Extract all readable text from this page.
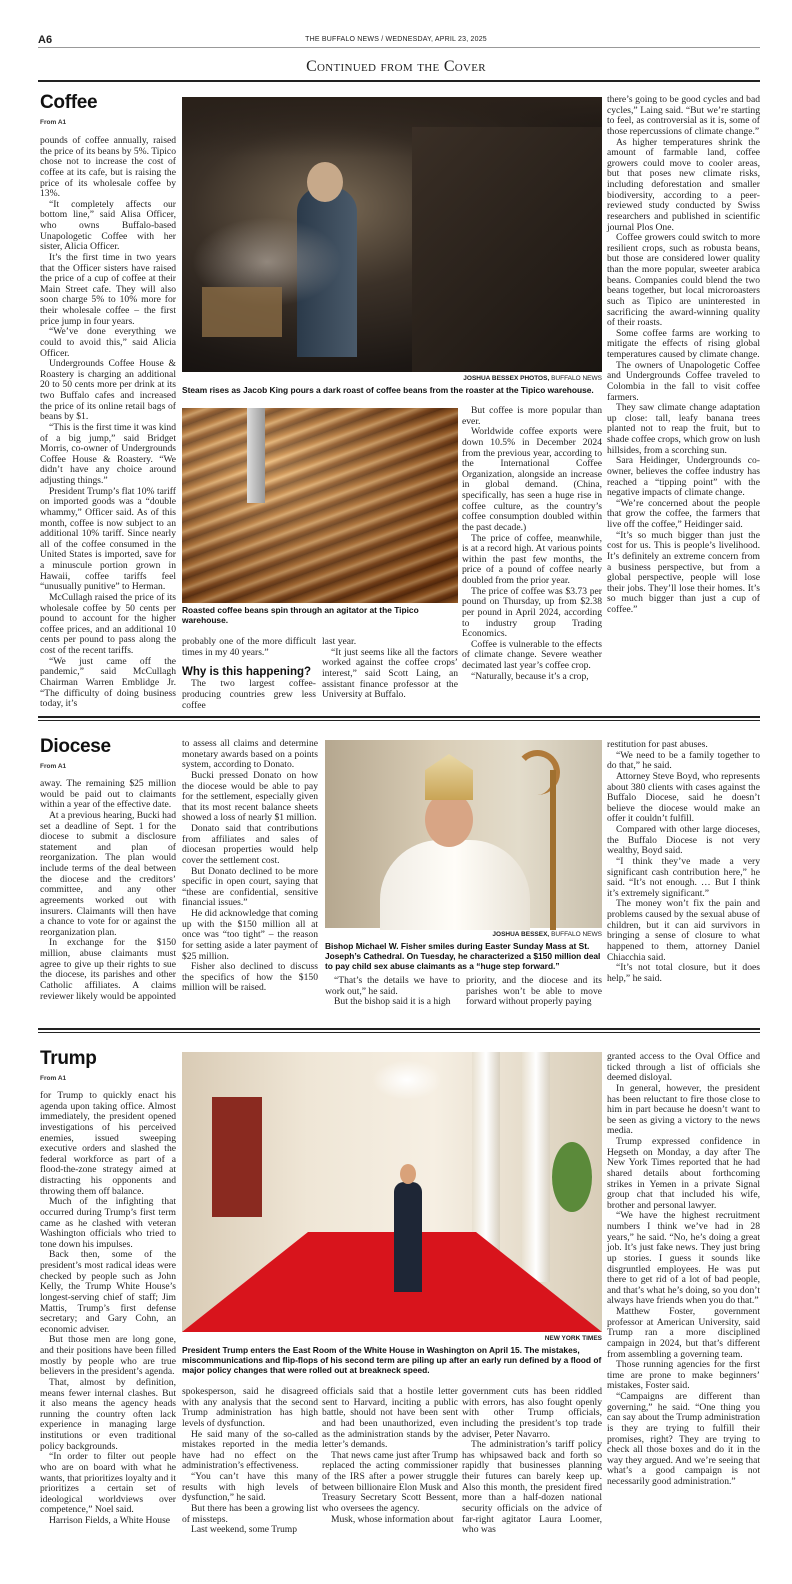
A6	THE BUFFALO NEWS / WEDNESDAY, APRIL 23, 2025
Continued from the Cover
Coffee
From A1

pounds of coffee annually, raised the price of its beans by 5%. Tipico chose not to increase the cost of coffee at its cafe, but is raising the price of its wholesale coffee by 13%.

“It completely affects our bottom line,” said Alisa Officer, who owns Buffalo-based Unapologetic Coffee with her sister, Alicia Officer.

It’s the first time in two years that the Officer sisters have raised the price of a cup of coffee at their Main Street cafe. They will also soon charge 5% to 10% more for their wholesale coffee – the first price jump in four years.

“We’ve done everything we could to avoid this,” said Alicia Officer.

Undergrounds Coffee House & Roastery is charging an additional 20 to 50 cents more per drink at its two Buffalo cafes and increased the price of its online retail bags of beans by $1.

“This is the first time it was kind of a big jump,” said Bridget Morris, co-owner of Undergrounds Coffee House & Roastery. “We didn’t have any choice around adjusting things.”

President Trump’s flat 10% tariff on imported goods was a “double whammy,” Officer said. As of this month, coffee is now subject to an additional 10% tariff. Since nearly all of the coffee consumed in the United States is imported, save for a minuscule portion grown in Hawaii, coffee tariffs feel “unusually punitive” to Herman.

McCullagh raised the price of its wholesale coffee by 50 cents per pound to account for the higher coffee prices, and an additional 10 cents per pound to pass along the cost of the recent tariffs.

“We just came off the pandemic,” said McCullagh Chairman Warren Emblidge Jr. “The difficulty of doing business today, it’s

JOSHUA BESSEX PHOTOS, BUFFALO NEWS
Steam rises as Jacob King pours a dark roast of coffee beans from the roaster at the Tipico warehouse.
Roasted coffee beans spin through an agitator at the Tipico warehouse.

probably one of the more difficult times in my 40 years.”

Why is this happening?

The two largest coffee-producing countries grew less coffee

last year.

“It just seems like all the factors worked against the coffee crops’ interest,” said Scott Laing, an assistant finance professor at the University at Buffalo.

But coffee is more popular than ever.

Worldwide coffee exports were down 10.5% in December 2024 from the previous year, according to the International Coffee Organization, alongside an increase in global demand. (China, specifically, has seen a huge rise in coffee culture, as the country’s coffee consumption doubled within the past decade.)

The price of coffee, meanwhile, is at a record high. At various points within the past few months, the price of a pound of coffee nearly doubled from the prior year.

The price of coffee was $3.73 per pound on Thursday, up from $2.38 per pound in April 2024, according to industry group Trading Economics.

Coffee is vulnerable to the effects of climate change. Severe weather decimated last year’s coffee crop.

“Naturally, because it’s a crop,

there’s going to be good cycles and bad cycles,” Laing said. “But we’re starting to feel, as controversial as it is, some of those repercussions of climate change.”

As higher temperatures shrink the amount of farmable land, coffee growers could move to cooler areas, but that poses new climate risks, including deforestation and smaller biodiversity, according to a peer-reviewed study conducted by Swiss researchers and published in scientific journal Plos One.

Coffee growers could switch to more resilient crops, such as robusta beans, but those are considered lower quality than the more popular, sweeter arabica beans. Companies could blend the two beans together, but local microroasters such as Tipico are uninterested in sacrificing the award-winning quality of their roasts.

Some coffee farms are working to mitigate the effects of rising global temperatures caused by climate change.

The owners of Unapologetic Coffee and Undergrounds Coffee traveled to Colombia in the fall to visit coffee farmers.

They saw climate change adaptation up close: tall, leafy banana trees planted not to reap the fruit, but to shade coffee crops, which grow on lush hillsides, from a scorching sun.

Sara Heidinger, Undergrounds co-owner, believes the coffee industry has reached a “tipping point” with the negative impacts of climate change.

“We’re concerned about the people that grow the coffee, the farmers that live off the coffee,” Heidinger said.

“It’s so much bigger than just the cost for us. This is people’s livelihood. It’s definitely an extreme concern from a business perspective, but from a global perspective, people will lose their jobs. They’ll lose their homes. It’s so much bigger than just a cup of coffee.”

Diocese
From A1

away. The remaining $25 million would be paid out to claimants within a year of the effective date.

At a previous hearing, Bucki had set a deadline of Sept. 1 for the diocese to submit a disclosure statement and plan of reorganization. The plan would include terms of the deal between the diocese and the creditors’ committee, and any other agreements worked out with insurers. Claimants will then have a chance to vote for or against the reorganization plan.

In exchange for the $150 million, abuse claimants must agree to give up their rights to sue the diocese, its parishes and other Catholic affiliates. A claims reviewer likely would be appointed

to assess all claims and determine monetary awards based on a points system, according to Donato.

Bucki pressed Donato on how the diocese would be able to pay for the settlement, especially given that its most recent balance sheets showed a loss of nearly $1 million.

Donato said that contributions from affiliates and sales of diocesan properties would help cover the settlement cost.

But Donato declined to be more specific in open court, saying that “these are confidential, sensitive financial issues.”

He did acknowledge that coming up with the $150 million all at once was “too tight” – the reason for setting aside a later payment of $25 million.

Fisher also declined to discuss the specifics of how the $150 million will be raised.

JOSHUA BESSEX, BUFFALO NEWS
Bishop Michael W. Fisher smiles during Easter Sunday Mass at St. Joseph’s Cathedral. On Tuesday, he characterized a $150 million deal to pay child sex abuse claimants as a “huge step forward.”

“That’s the details we have to work out,” he said.

But the bishop said it is a high

priority, and the diocese and its parishes won’t be able to move forward without properly paying

restitution for past abuses.

“We need to be a family together to do that,” he said.

Attorney Steve Boyd, who represents about 380 clients with cases against the Buffalo Diocese, said he doesn’t believe the diocese would make an offer it couldn’t fulfill.

Compared with other large dioceses, the Buffalo Diocese is not very wealthy, Boyd said.

“I think they’ve made a very significant cash contribution here,” he said. “It’s not enough. … But I think it’s extremely significant.”

The money won’t fix the pain and problems caused by the sexual abuse of children, but it can aid survivors in bringing a sense of closure to what happened to them, attorney Daniel Chiacchia said.

“It’s not total closure, but it does help,” he said.

Trump
From A1

for Trump to quickly enact his agenda upon taking office. Almost immediately, the president opened investigations of his perceived enemies, issued sweeping executive orders and slashed the federal workforce as part of a flood-the-zone strategy aimed at distracting his opponents and throwing them off balance.

Much of the infighting that occurred during Trump’s first term came as he clashed with veteran Washington officials who tried to tone down his impulses.

Back then, some of the president’s most radical ideas were checked by people such as John Kelly, the Trump White House’s longest-serving chief of staff; Jim Mattis, Trump’s first defense secretary; and Gary Cohn, an economic adviser.

But those men are long gone, and their positions have been filled mostly by people who are true believers in the president’s agenda.

That, almost by definition, means fewer internal clashes. But it also means the agency heads running the country often lack experience in managing large institutions or even traditional policy backgrounds.

“In order to filter out people who are on board with what he wants, that prioritizes loyalty and it prioritizes a certain set of ideological worldviews over competence,” Noel said.

Harrison Fields, a White House

NEW YORK TIMES
President Trump enters the East Room of the White House in Washington on April 15. The mistakes, miscommunications and flip-flops of his second term are piling up after an early run defined by a flood of major policy changes that were rolled out at breakneck speed.

spokesperson, said he disagreed with any analysis that the second Trump administration has high levels of dysfunction.

He said many of the so-called mistakes reported in the media have had no effect on the administration’s effectiveness.

“You can’t have this many results with high levels of dysfunction,” he said.

But there has been a growing list of missteps.

Last weekend, some Trump

officials said that a hostile letter sent to Harvard, inciting a public battle, should not have been sent and had been unauthorized, even as the administration stands by the letter’s demands.

That news came just after Trump replaced the acting commissioner of the IRS after a power struggle between billionaire Elon Musk and Treasury Secretary Scott Bessent, who oversees the agency.

Musk, whose information about

government cuts has been riddled with errors, has also fought openly with other Trump officials, including the president’s top trade adviser, Peter Navarro.

The administration’s tariff policy has whipsawed back and forth so rapidly that businesses planning their futures can barely keep up. Also this month, the president fired more than a half-dozen national security officials on the advice of far-right agitator Laura Loomer, who was

granted access to the Oval Office and ticked through a list of officials she deemed disloyal.

In general, however, the president has been reluctant to fire those close to him in part because he doesn’t want to be seen as giving a victory to the news media.

Trump expressed confidence in Hegseth on Monday, a day after The New York Times reported that he had shared details about forthcoming strikes in Yemen in a private Signal group chat that included his wife, brother and personal lawyer.

“We have the highest recruitment numbers I think we’ve had in 28 years,” he said. “No, he’s doing a great job. It’s just fake news. They just bring up stories. I guess it sounds like disgruntled employees. He was put there to get rid of a lot of bad people, and that’s what he’s doing, so you don’t always have friends when you do that.”

Matthew Foster, government professor at American University, said Trump ran a more disciplined campaign in 2024, but that’s different from assembling a governing team.

Those running agencies for the first time are prone to make beginners’ mistakes, Foster said.

“Campaigns are different than governing,” he said. “One thing you can say about the Trump administration is they are trying to fulfill their promises, right? They are trying to check all those boxes and do it in the way they argued. And we’re seeing that what’s a good campaign is not necessarily good administration.”
